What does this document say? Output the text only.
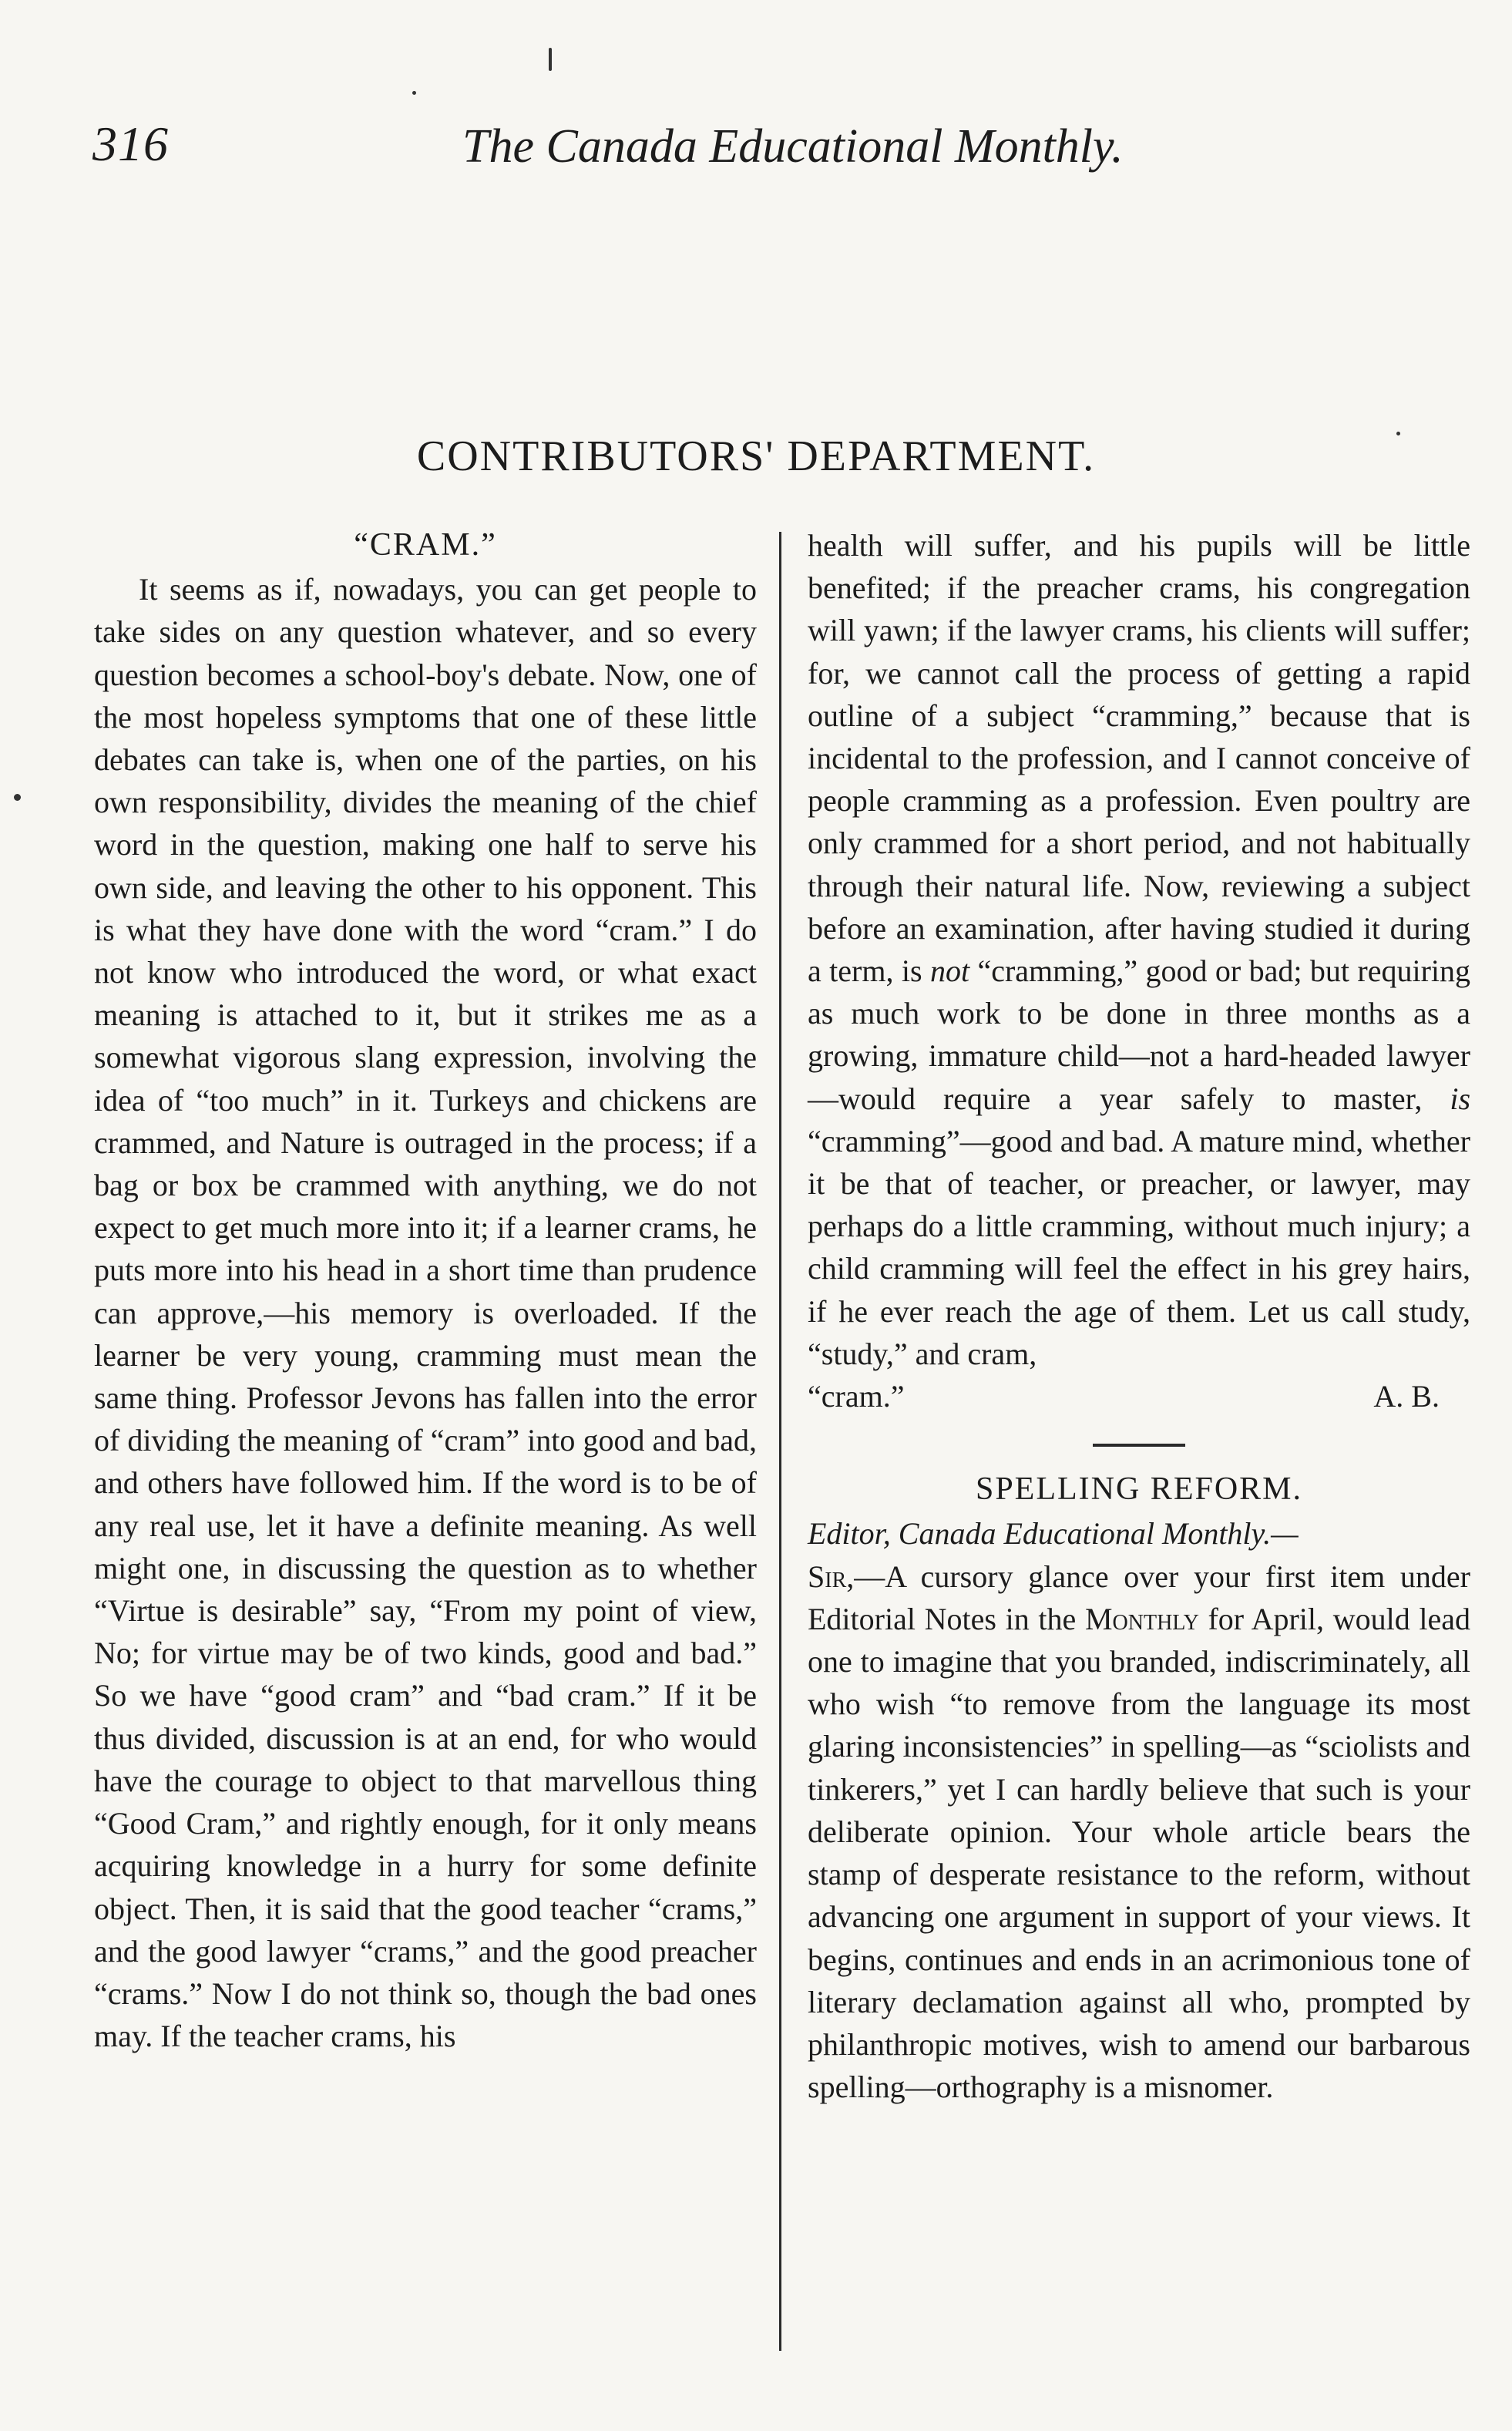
316	The Canada Educational Monthly.
CONTRIBUTORS' DEPARTMENT.
“CRAM.”

It seems as if, nowadays, you can get people to take sides on any question whatever, and so every question becomes a school-boy's debate. Now, one of the most hopeless symptoms that one of these little debates can take is, when one of the parties, on his own responsibility, divides the meaning of the chief word in the question, making one half to serve his own side, and leaving the other to his opponent. This is what they have done with the word “cram.” I do not know who introduced the word, or what exact meaning is attached to it, but it strikes me as a somewhat vigorous slang expression, involving the idea of “too much” in it. Turkeys and chickens are crammed, and Nature is outraged in the process; if a bag or box be crammed with anything, we do not expect to get much more into it; if a learner crams, he puts more into his head in a short time than prudence can approve,—his memory is overloaded. If the learner be very young, cramming must mean the same thing. Professor Jevons has fallen into the error of dividing the meaning of “cram” into good and bad, and others have followed him. If the word is to be of any real use, let it have a definite meaning. As well might one, in discussing the question as to whether “Virtue is desirable” say, “From my point of view, No; for virtue may be of two kinds, good and bad.” So we have “good cram” and “bad cram.” If it be thus divided, discussion is at an end, for who would have the courage to object to that marvellous thing “Good Cram,” and rightly enough, for it only means acquiring knowledge in a hurry for some definite object. Then, it is said that the good teacher “crams,” and the good lawyer “crams,” and the good preacher “crams.” Now I do not think so, though the bad ones may. If the teacher crams, his

health will suffer, and his pupils will be little benefited; if the preacher crams, his congregation will yawn; if the lawyer crams, his clients will suffer; for, we cannot call the process of getting a rapid outline of a subject “cramming,” because that is incidental to the profession, and I cannot conceive of people cramming as a profession. Even poultry are only crammed for a short period, and not habitually through their natural life. Now, reviewing a subject before an examination, after having studied it during a term, is not “cramming,” good or bad; but requiring as much work to be done in three months as a growing, immature child—not a hard-headed lawyer—would require a year safely to master, is “cramming”—good and bad. A mature mind, whether it be that of teacher, or preacher, or lawyer, may perhaps do a little cramming, without much injury; a child cramming will feel the effect in his grey hairs, if he ever reach the age of them. Let us call study, “study,” and cram,
“cram.”	A. B.
SPELLING REFORM.

Editor, Canada Educational Monthly.—

Sir,—A cursory glance over your first item under Editorial Notes in the Monthly for April, would lead one to imagine that you branded, indiscriminately, all who wish “to remove from the language its most glaring inconsistencies” in spelling—as “sciolists and tinkerers,” yet I can hardly believe that such is your deliberate opinion. Your whole article bears the stamp of desperate resistance to the reform, without advancing one argument in support of your views. It begins, continues and ends in an acrimonious tone of literary declamation against all who, prompted by philanthropic motives, wish to amend our barbarous spelling—orthography is a misnomer.
